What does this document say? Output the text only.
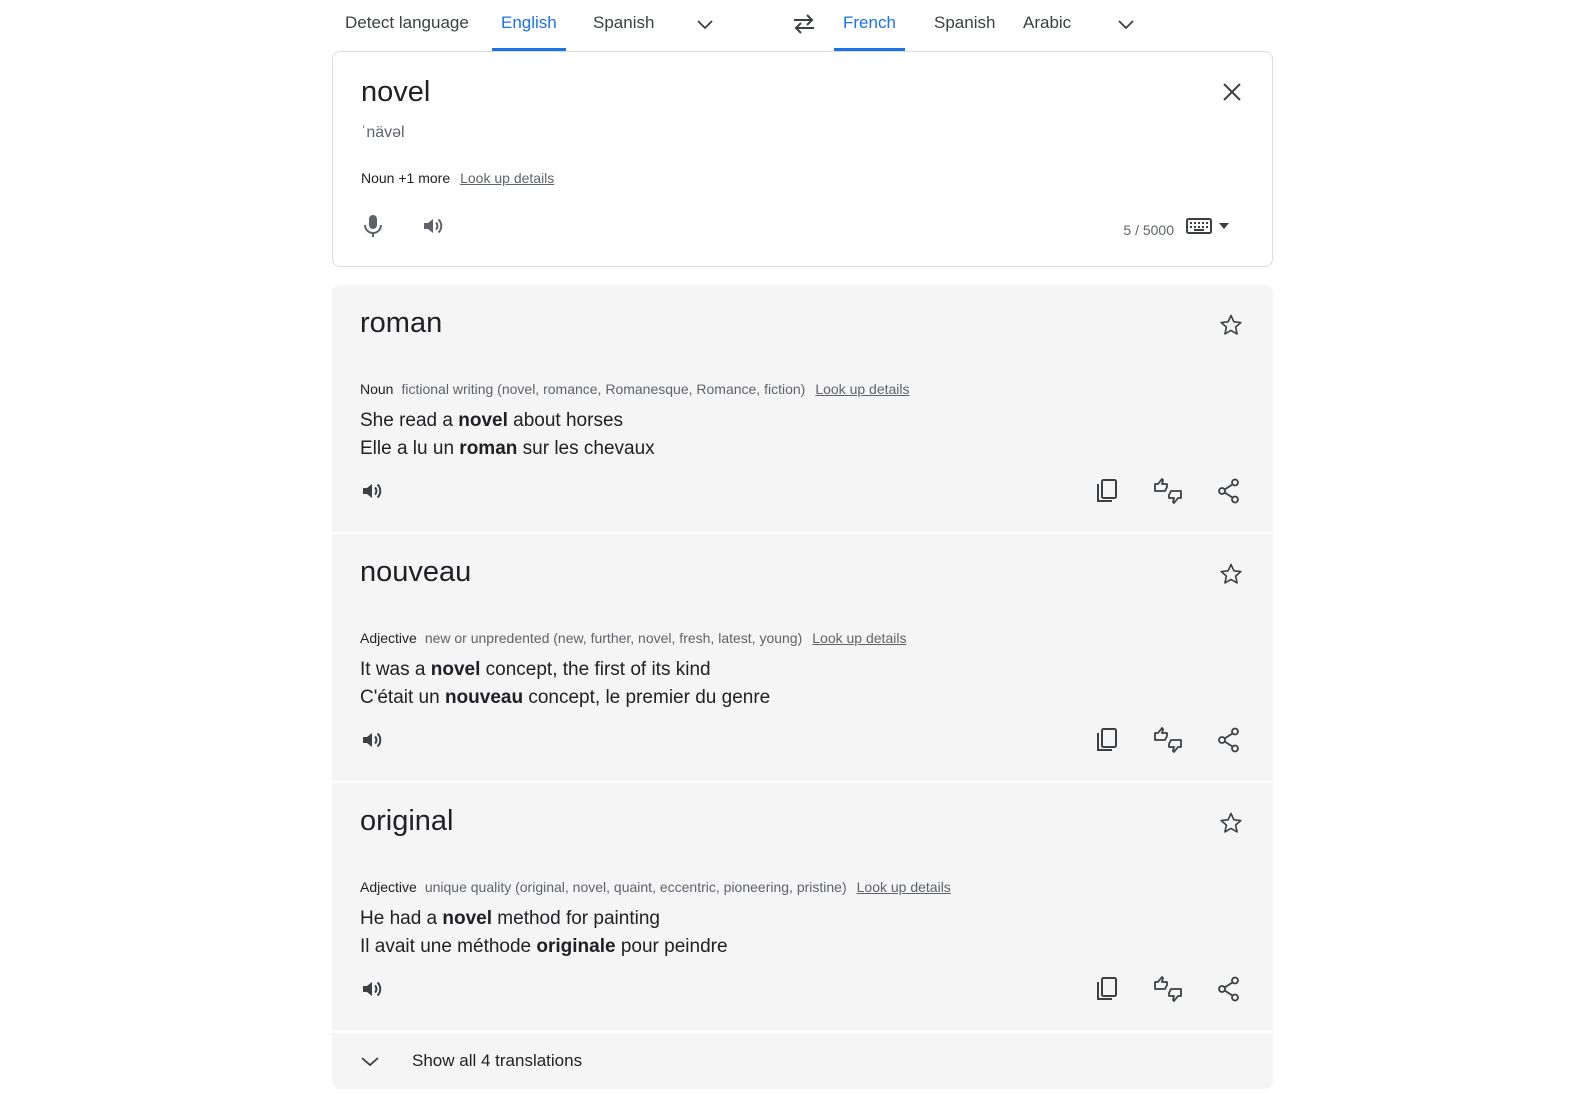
Detect language	English	Spanish	French	Spanish	Arabic
novel
ˈnävəl
Noun +1 more Look up details
5 / 5000
roman
Noun fictional writing (novel, romance, Romanesque, Romance, fiction) Look up details
She read a novel about horses
Elle a lu un roman sur les chevaux
nouveau
Adjective new or unpredented (new, further, novel, fresh, latest, young) Look up details
It was a novel concept, the first of its kind
C'était un nouveau concept, le premier du genre
original
Adjective unique quality (original, novel, quaint, eccentric, pioneering, pristine) Look up details
He had a novel method for painting
Il avait une méthode originale pour peindre
Show all 4 translations
